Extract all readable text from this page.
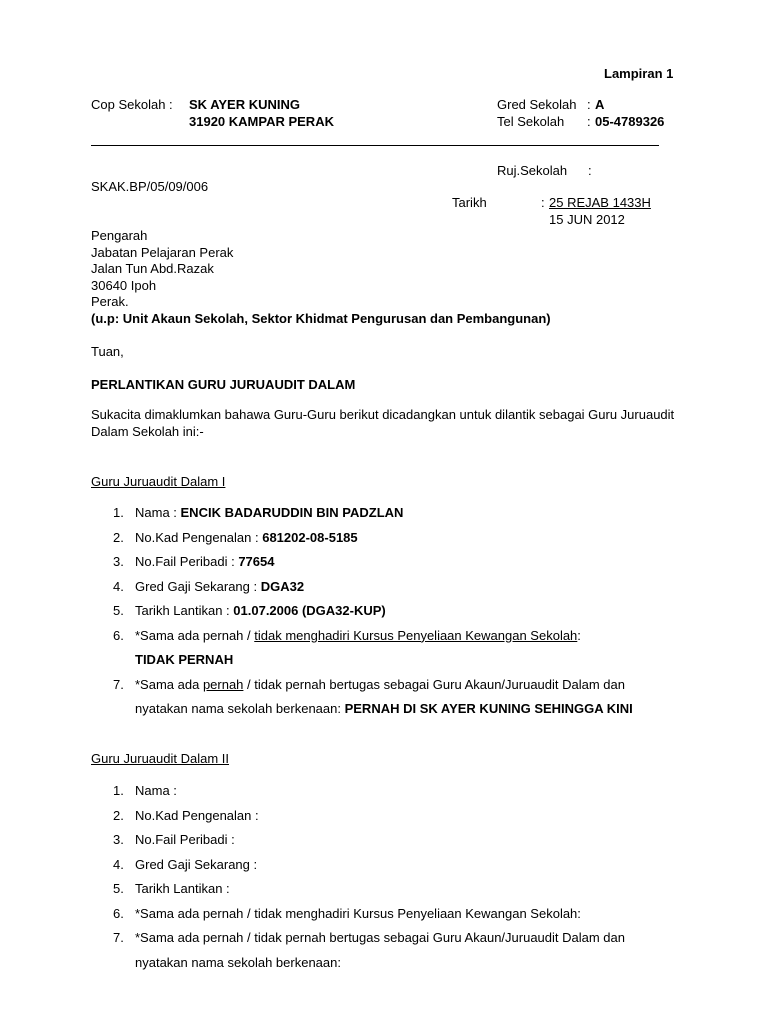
Lampiran 1
Cop Sekolah : SK AYER KUNING
31920 KAMPAR PERAK
Gred Sekolah : A
Tel Sekolah : 05-4789326
Ruj.Sekolah :
SKAK.BP/05/09/006
Tarikh	: 25 REJAB 1433H
15 JUN 2012
Pengarah
Jabatan Pelajaran Perak
Jalan Tun Abd.Razak
30640 Ipoh
Perak.
(u.p: Unit Akaun Sekolah, Sektor Khidmat Pengurusan dan Pembangunan)
Tuan,
PERLANTIKAN GURU JURUAUDIT DALAM
Sukacita dimaklumkan bahawa Guru-Guru berikut dicadangkan untuk dilantik sebagai Guru Juruaudit Dalam Sekolah ini:-
Guru Juruaudit Dalam I
1. Nama : ENCIK BADARUDDIN BIN PADZLAN
2. No.Kad Pengenalan : 681202-08-5185
3. No.Fail Peribadi : 77654
4. Gred Gaji Sekarang : DGA32
5. Tarikh Lantikan : 01.07.2006 (DGA32-KUP)
6. *Sama ada pernah / tidak menghadiri Kursus Penyeliaan Kewangan Sekolah:
TIDAK PERNAH
7. *Sama ada pernah / tidak pernah bertugas sebagai Guru Akaun/Juruaudit Dalam dan
nyatakan nama sekolah berkenaan: PERNAH DI SK AYER KUNING SEHINGGA KINI
Guru Juruaudit Dalam II
1. Nama :
2. No.Kad Pengenalan :
3. No.Fail Peribadi :
4. Gred Gaji Sekarang :
5. Tarikh Lantikan :
6. *Sama ada pernah / tidak menghadiri Kursus Penyeliaan Kewangan Sekolah:
7. *Sama ada pernah / tidak pernah bertugas sebagai Guru Akaun/Juruaudit Dalam dan
nyatakan nama sekolah berkenaan:
